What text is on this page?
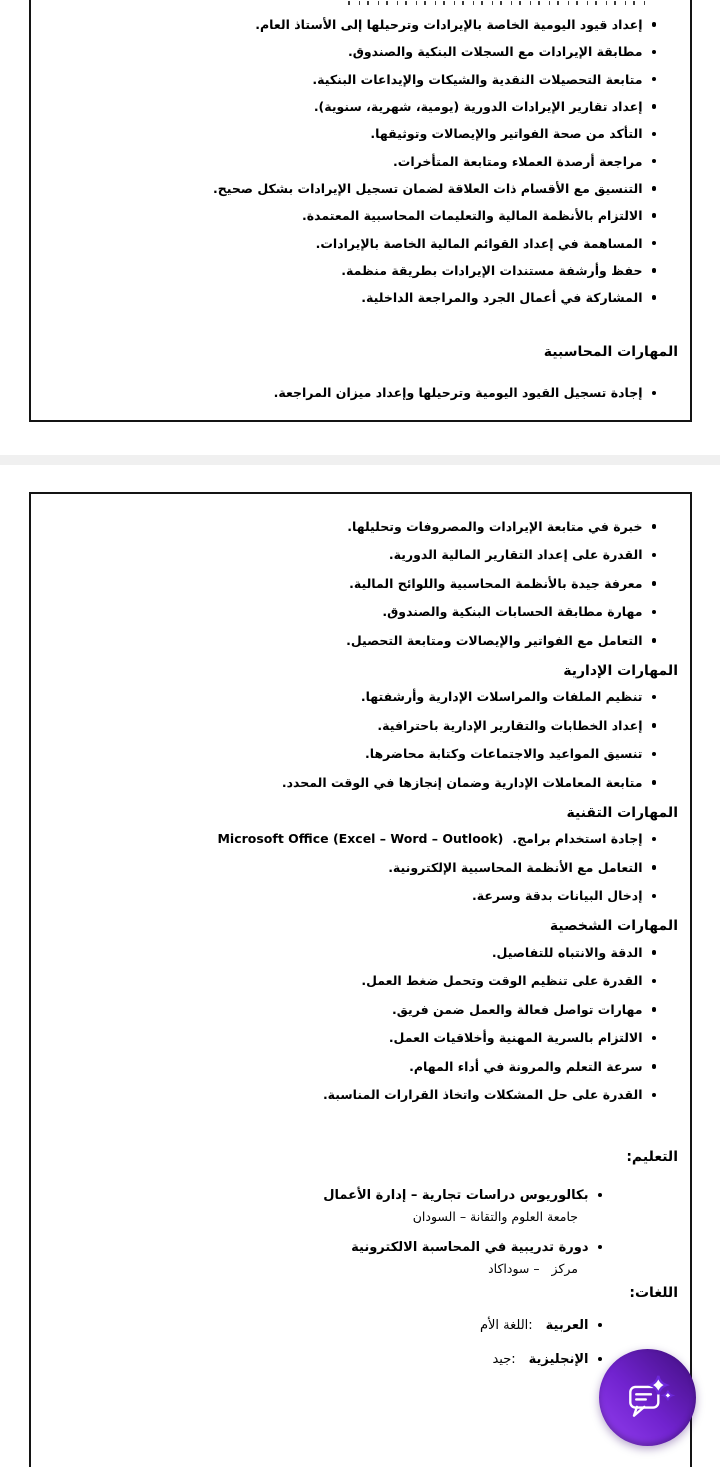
إعداد قيود اليومية الخاصة بالإيرادات وترحيلها إلى الأستاذ العام.
مطابقة الإيرادات مع السجلات البنكية والصندوق.
متابعة التحصيلات النقدية والشيكات والإيداعات البنكية.
إعداد تقارير الإيرادات الدورية (يومية، شهرية، سنوية).
التأكد من صحة الفواتير والإيصالات وتوثيقها.
مراجعة أرصدة العملاء ومتابعة المتأخرات.
التنسيق مع الأقسام ذات العلاقة لضمان تسجيل الإيرادات بشكل صحيح.
الالتزام بالأنظمة المالية والتعليمات المحاسبية المعتمدة.
المساهمة في إعداد القوائم المالية الخاصة بالإيرادات.
حفظ وأرشفة مستندات الإيرادات بطريقة منظمة.
المشاركة في أعمال الجرد والمراجعة الداخلية.
المهارات المحاسبية
إجادة تسجيل القيود اليومية وترحيلها وإعداد ميزان المراجعة.
خبرة في متابعة الإيرادات والمصروفات وتحليلها.
القدرة على إعداد التقارير المالية الدورية.
معرفة جيدة بالأنظمة المحاسبية واللوائح المالية.
مهارة مطابقة الحسابات البنكية والصندوق.
التعامل مع الفواتير والإيصالات ومتابعة التحصيل.
المهارات الإدارية
تنظيم الملفات والمراسلات الإدارية وأرشفتها.
إعداد الخطابات والتقارير الإدارية باحترافية.
تنسيق المواعيد والاجتماعات وكتابة محاضرها.
متابعة المعاملات الإدارية وضمان إنجازها في الوقت المحدد.
المهارات التقنية
إجادة استخدام برامج.
Microsoft Office (Excel – Word – Outlook)
التعامل مع الأنظمة المحاسبية الإلكترونية.
إدخال البيانات بدقة وسرعة.
المهارات الشخصية
الدقة والانتباه للتفاصيل.
القدرة على تنظيم الوقت وتحمل ضغط العمل.
مهارات تواصل فعالة والعمل ضمن فريق.
الالتزام بالسرية المهنية وأخلاقيات العمل.
سرعة التعلم والمرونة في أداء المهام.
القدرة على حل المشكلات واتخاذ القرارات المناسبة.
التعليم:
بكالوريوس دراسات تجارية – إدارة الأعمال
جامعة العلوم والتقانة – السودان
دورة تدريبية في المحاسبة الالكترونية
مركز   – سوداكاد
اللغات:
العربية
:اللغة الأم
الإنجليزية
:جيد
